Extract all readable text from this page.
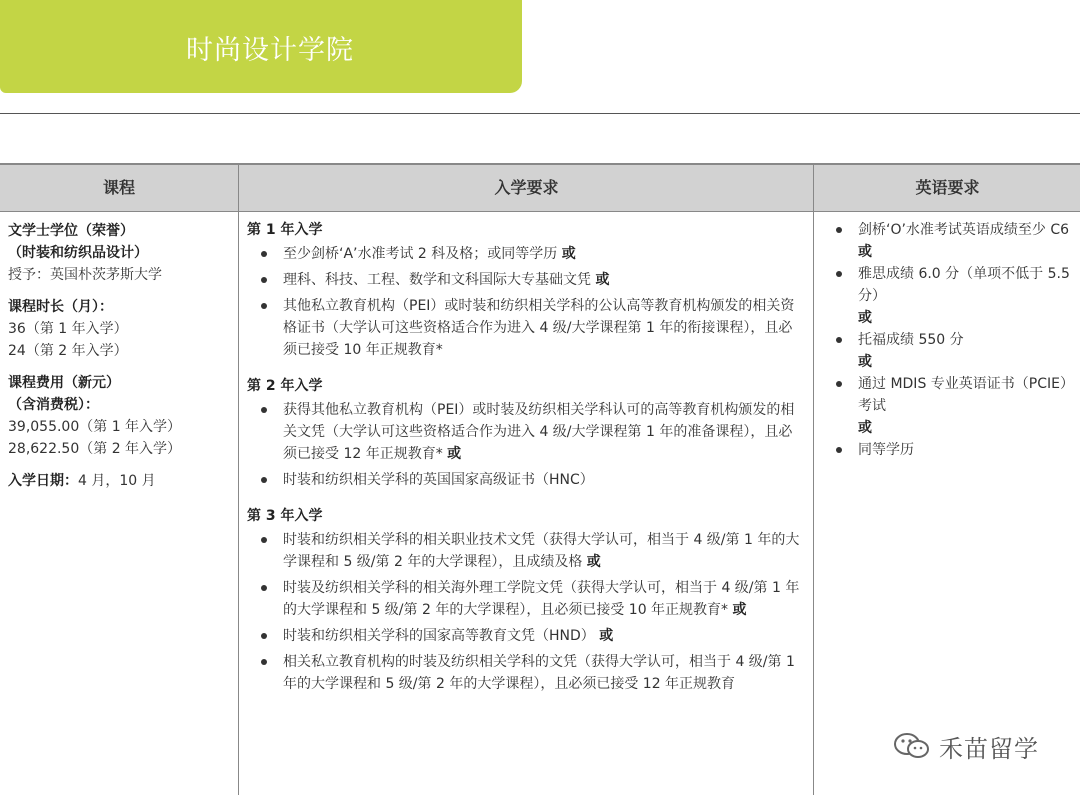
时尚设计学院
课程
文学士学位（荣誉）
（时装和纺织品设计）
授予：英国朴茨茅斯大学
课程时长（月）：
36（第 1 年入学）
24（第 2 年入学）
课程费用（新元）
（含消费税）：
39,055.00（第 1 年入学）
28,622.50（第 2 年入学）
入学日期：4 月，10 月
入学要求
第 1 年入学
至少剑桥‘A’水准考试 2 科及格；或同等学历 或
理科、科技、工程、数学和文科国际大专基础文凭 或
其他私立教育机构（PEI）或时装和纺织相关学科的公认高等教育机构颁发的相关资格证书（大学认可这些资格适合作为进入 4 级/大学课程第 1 年的衔接课程），且必须已接受 10 年正规教育*
第 2 年入学
获得其他私立教育机构（PEI）或时装及纺织相关学科认可的高等教育机构颁发的相关文凭（大学认可这些资格适合作为进入 4 级/大学课程第 1 年的准备课程），且必须已接受 12 年正规教育* 或
时装和纺织相关学科的英国国家高级证书（HNC）
第 3 年入学
时装和纺织相关学科的相关职业技术文凭（获得大学认可，相当于 4 级/第 1 年的大学课程和 5 级/第 2 年的大学课程），且成绩及格 或
时装及纺织相关学科的相关海外理工学院文凭（获得大学认可，相当于 4 级/第 1 年的大学课程和 5 级/第 2 年的大学课程），且必须已接受 10 年正规教育* 或
时装和纺织相关学科的国家高等教育文凭（HND） 或
相关私立教育机构的时装及纺织相关学科的文凭（获得大学认可，相当于 4 级/第 1 年的大学课程和 5 级/第 2 年的大学课程），且必须已接受 12 年正规教育
英语要求
剑桥‘O’水准考试英语成绩至少 C6
或
雅思成绩 6.0 分（单项不低于 5.5 分）
或
托福成绩 550 分
或
通过 MDIS 专业英语证书（PCIE）考试
或
同等学历
禾苗留学
